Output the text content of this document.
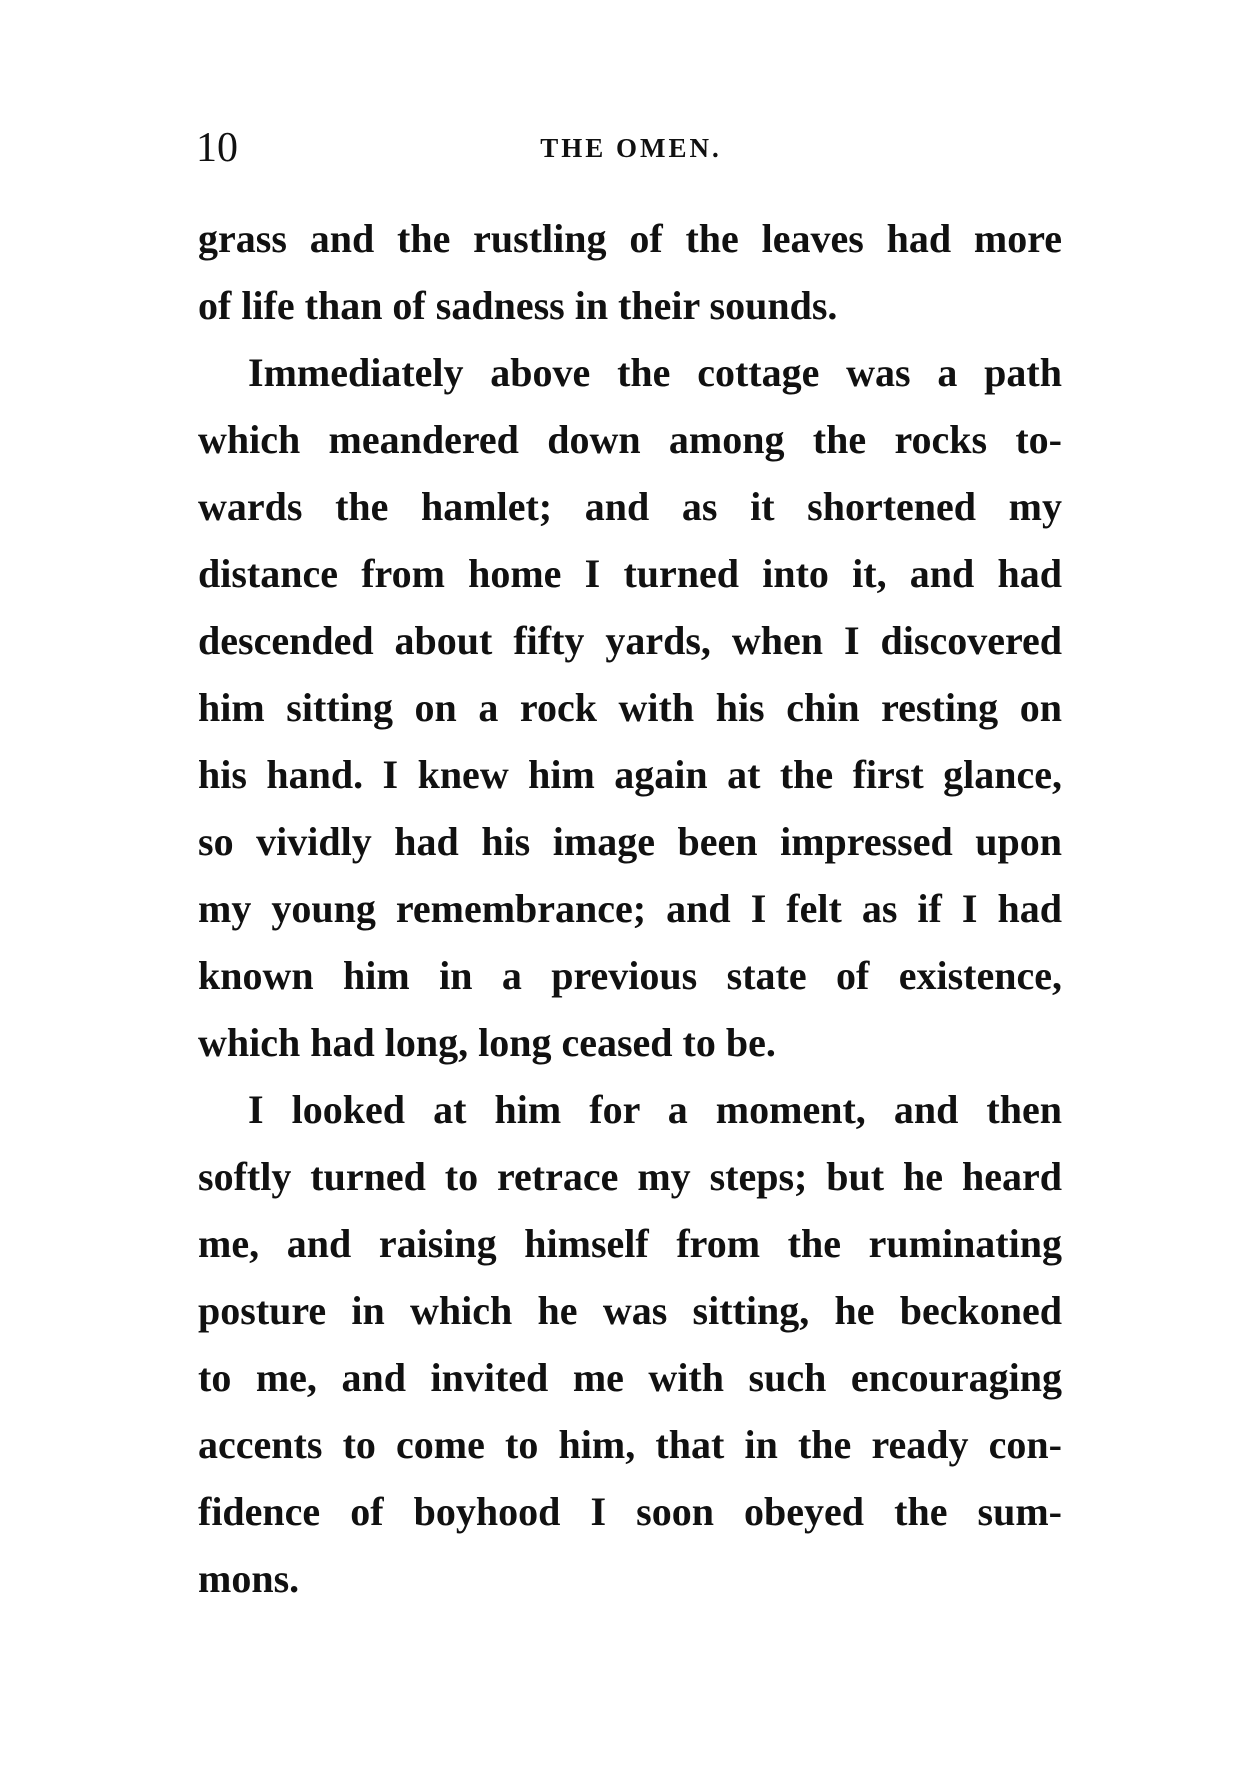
10	THE OMEN.
grass and the rustling of the leaves had more
of life than of sadness in their sounds.
Immediately above the cottage was a path
which meandered down among the rocks to-
wards the hamlet; and as it shortened my
distance from home I turned into it, and had
descended about fifty yards, when I discovered
him sitting on a rock with his chin resting on
his hand. I knew him again at the first glance,
so vividly had his image been impressed upon
my young remembrance; and I felt as if I had
known him in a previous state of existence,
which had long, long ceased to be.
I looked at him for a moment, and then
softly turned to retrace my steps; but he heard
me, and raising himself from the ruminating
posture in which he was sitting, he beckoned
to me, and invited me with such encouraging
accents to come to him, that in the ready con-
fidence of boyhood I soon obeyed the sum-
mons.
